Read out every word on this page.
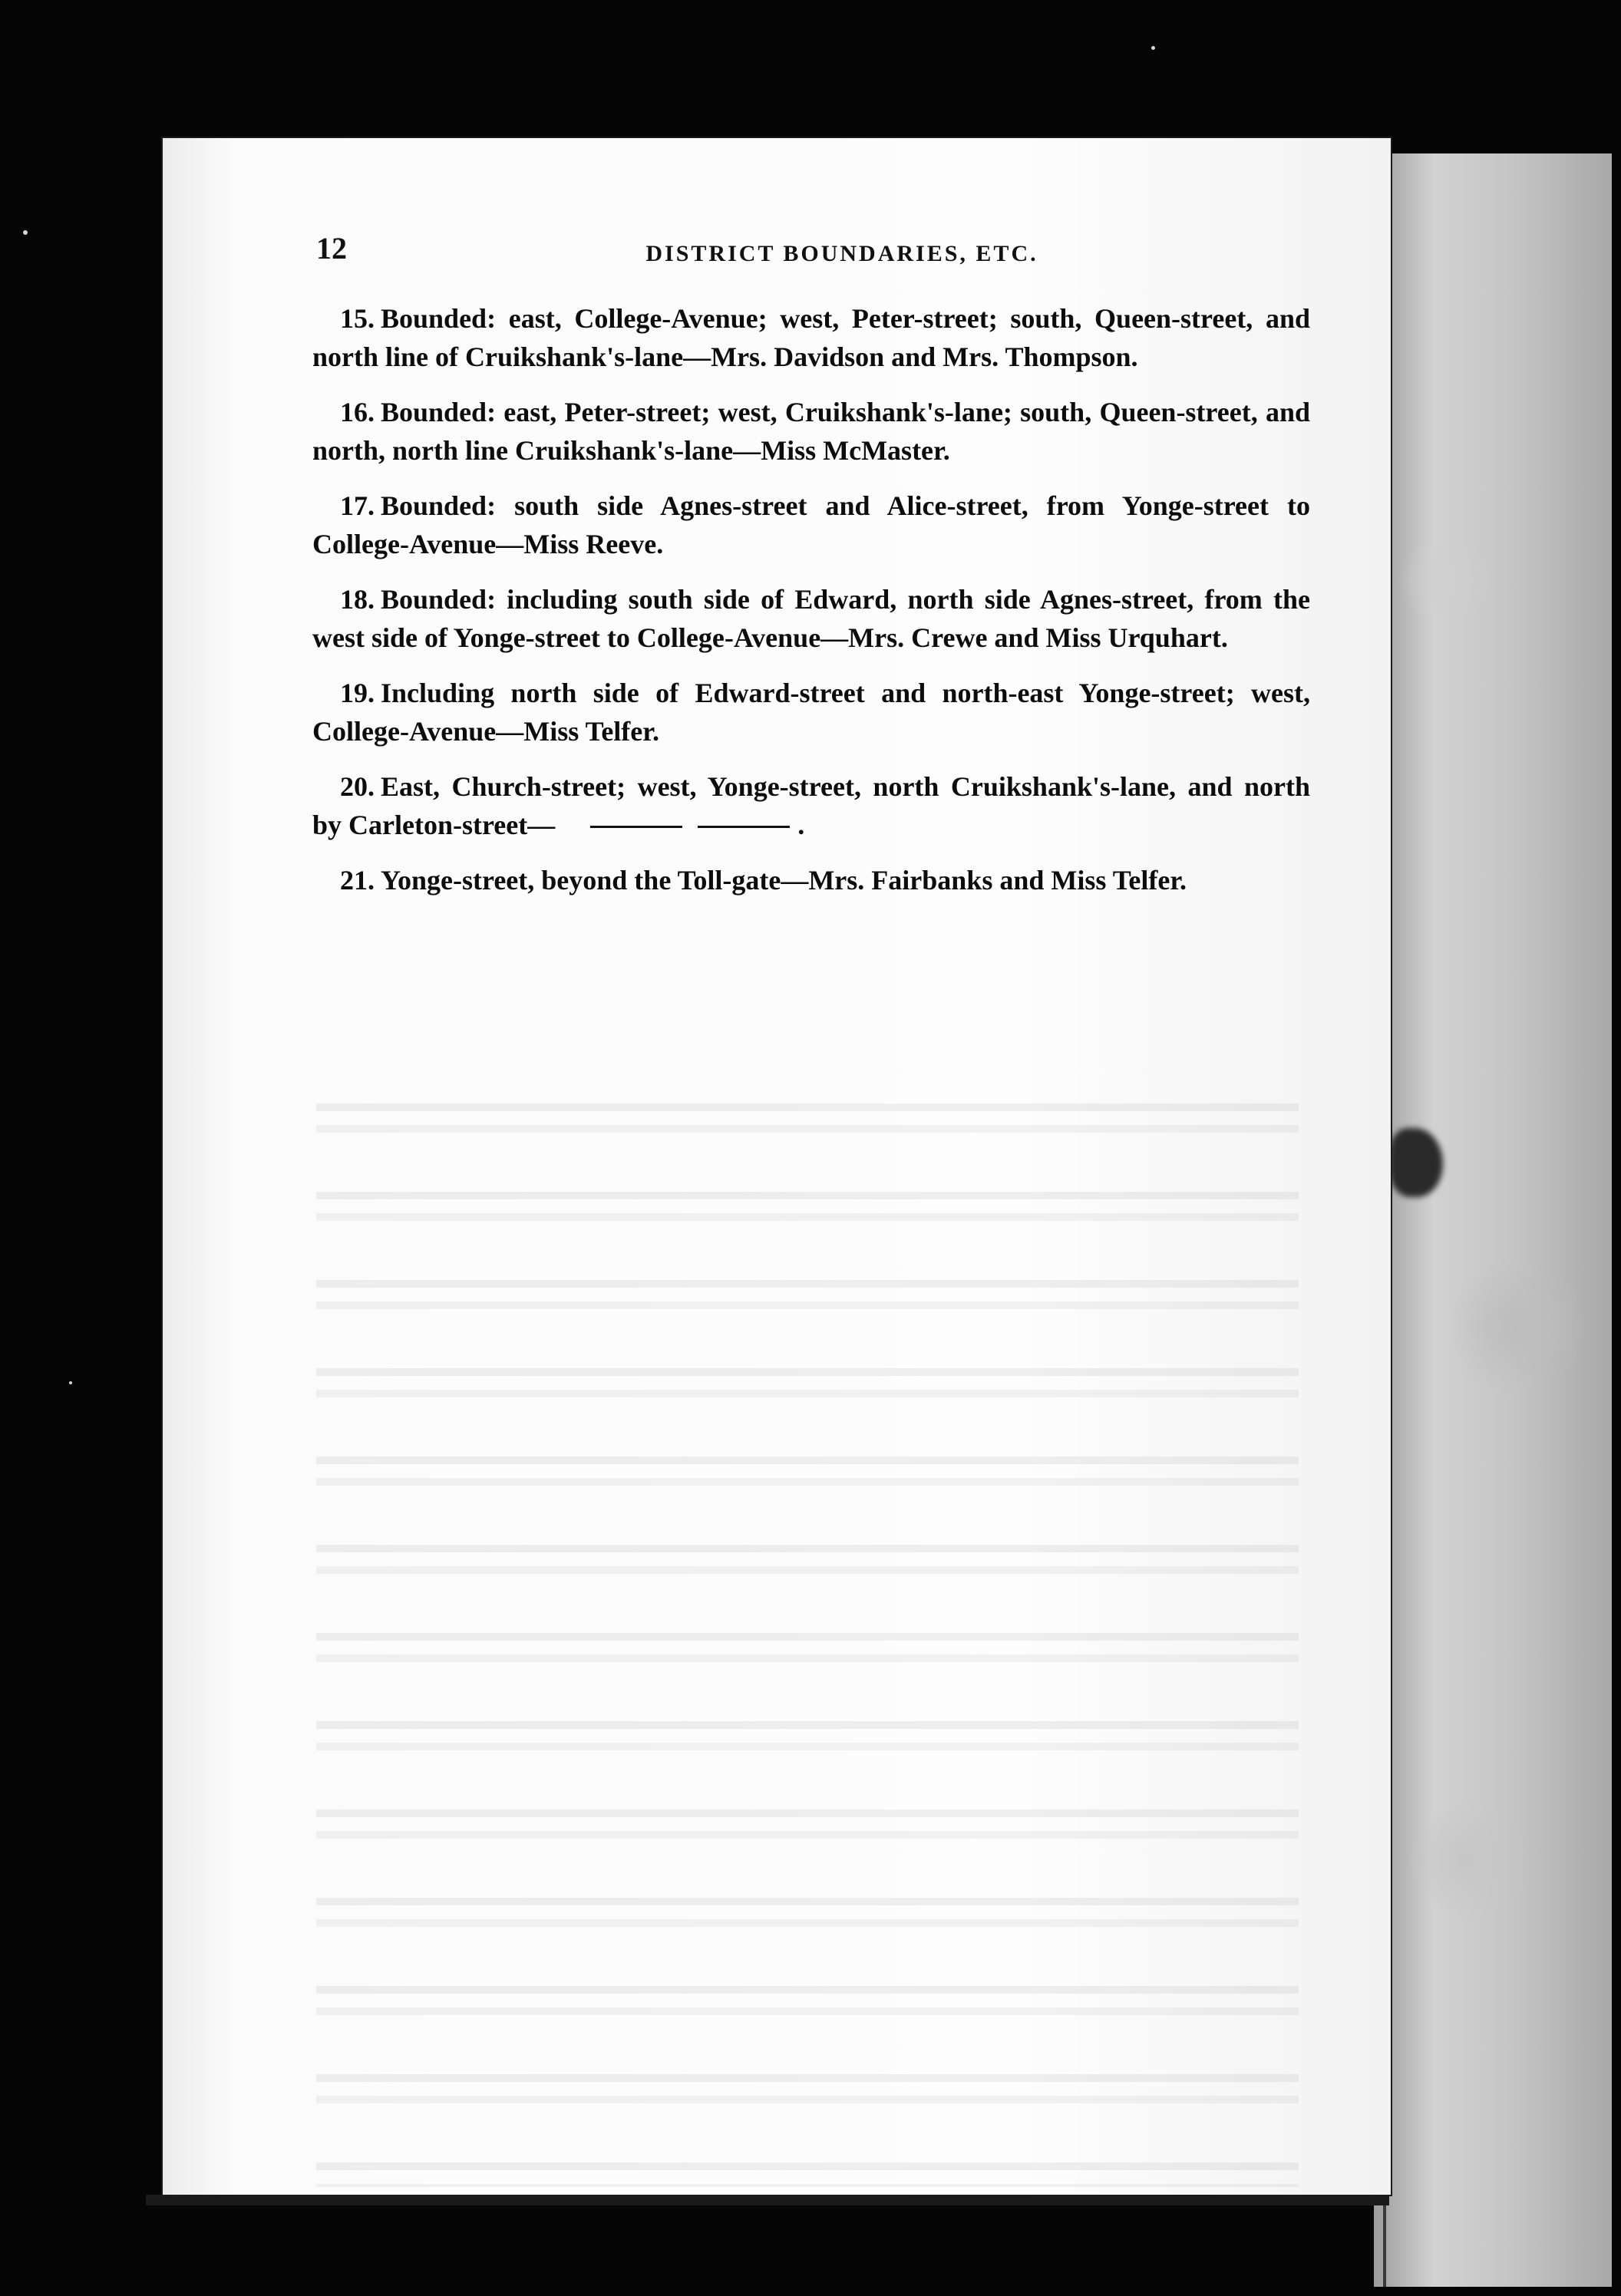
12	DISTRICT BOUNDARIES, ETC.

15. Bounded: east, College-Avenue; west, Peter-street; south, Queen-street, and north line of Cruikshank's-lane—Mrs. Davidson and Mrs. Thompson.

16. Bounded: east, Peter-street; west, Cruikshank's-lane; south, Queen-street, and north, north line Cruikshank's-lane—Miss McMaster.

17. Bounded: south side Agnes-street and Alice-street, from Yonge-street to College-Avenue—Miss Reeve.

18. Bounded: including south side of Edward, north side Agnes-street, from the west side of Yonge-street to College-Avenue—Mrs. Crewe and Miss Urquhart.

19. Including north side of Edward-street and north-east Yonge-street; west, College-Avenue—Miss Telfer.

20. East, Church-street; west, Yonge-street, north Cruikshank's-lane, and north by Carleton-street—	.

21. Yonge-street, beyond the Toll-gate—Mrs. Fairbanks and Miss Telfer.
